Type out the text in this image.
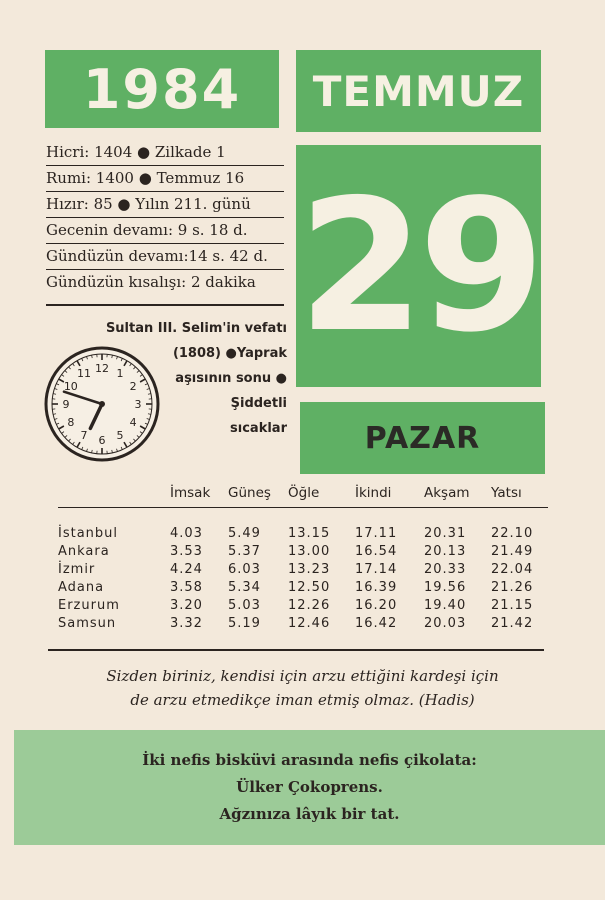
1984 TEMMUZ
29
PAZAR
Hicri: 1404 ● Zilkade 1
Rumi: 1400 ● Temmuz 16
Hızır: 85 ● Yılın 211. günü
Gecenin devamı: 9 s. 18 d.
Gündüzün devamı:14 s. 42 d.
Gündüzün kısalışı: 2 dakika
Sultan III. Selim'in vefatı
(1808) ●Yaprak
aşısının sonu ●
Şiddetli
sıcaklar
12 1
2
3
4
5
6
7
8
9
10
11
	İmsak	Güneş	Öğle	İkindi	Akşam	Yatsı
İstanbul	4.03	5.49	13.15	17.11	20.31	22.10
Ankara	3.53	5.37	13.00	16.54	20.13	21.49
İzmir	4.24	6.03	13.23	17.14	20.33	22.04
Adana	3.58	5.34	12.50	16.39	19.56	21.26
Erzurum	3.20	5.03	12.26	16.20	19.40	21.15
Samsun	3.32	5.19	12.46	16.42	20.03	21.42
Sizden biriniz, kendisi için arzu ettiğini kardeşi için
de arzu etmedikçe iman etmiş olmaz. (Hadis)
İki nefis bisküvi arasında nefis çikolata:
Ülker Çokoprens.
Ağzınıza lâyık bir tat.
